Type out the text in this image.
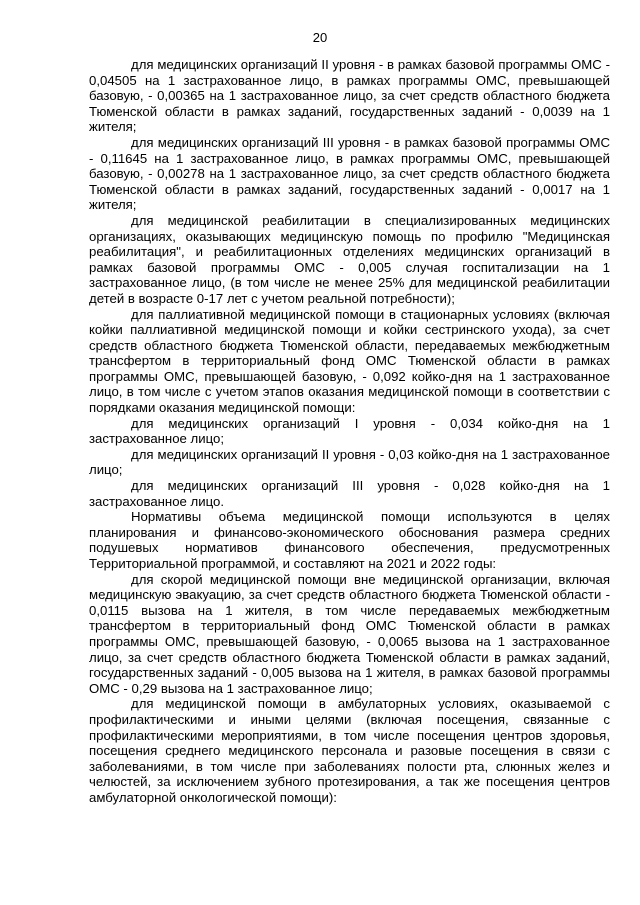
20

для медицинских организаций II уровня - в рамках базовой программы ОМС - 0,04505 на 1 застрахованное лицо, в рамках программы ОМС, превышающей базовую, - 0,00365 на 1 застрахованное лицо, за счет средств областного бюджета Тюменской области в рамках заданий, государственных заданий - 0,0039 на 1 жителя;

для медицинских организаций III уровня - в рамках базовой программы ОМС - 0,11645 на 1 застрахованное лицо, в рамках программы ОМС, превышающей базовую, - 0,00278 на 1 застрахованное лицо, за счет средств областного бюджета Тюменской области в рамках заданий, государственных заданий - 0,0017 на 1 жителя;

для медицинской реабилитации в специализированных медицинских организациях, оказывающих медицинскую помощь по профилю "Медицинская реабилитация", и реабилитационных отделениях медицинских организаций в рамках базовой программы ОМС - 0,005 случая госпитализации на 1 застрахованное лицо, (в том числе не менее 25% для медицинской реабилитации детей в возрасте 0-17 лет с учетом реальной потребности);

для паллиативной медицинской помощи в стационарных условиях (включая койки паллиативной медицинской помощи и койки сестринского ухода), за счет средств областного бюджета Тюменской области, передаваемых межбюджетным трансфертом в территориальный фонд ОМС Тюменской области в рамках программы ОМС, превышающей базовую, - 0,092 койко-дня на 1 застрахованное лицо, в том числе с учетом этапов оказания медицинской помощи в соответствии с порядками оказания медицинской помощи:

для медицинских организаций I уровня - 0,034 койко-дня на 1 застрахованное лицо;

для медицинских организаций II уровня - 0,03 койко-дня на 1 застрахованное лицо;

для медицинских организаций III уровня - 0,028 койко-дня на 1 застрахованное лицо.

Нормативы объема медицинской помощи используются в целях планирования и финансово-экономического обоснования размера средних подушевых нормативов финансового обеспечения, предусмотренных Территориальной программой, и составляют на 2021 и 2022 годы:

для скорой медицинской помощи вне медицинской организации, включая медицинскую эвакуацию, за счет средств областного бюджета Тюменской области - 0,0115 вызова на 1 жителя, в том числе передаваемых межбюджетным трансфертом в территориальный фонд ОМС Тюменской области в рамках программы ОМС, превышающей базовую, - 0,0065 вызова на 1 застрахованное лицо, за счет средств областного бюджета Тюменской области в рамках заданий, государственных заданий - 0,005 вызова на 1 жителя, в рамках базовой программы ОМС - 0,29 вызова на 1 застрахованное лицо;

для медицинской помощи в амбулаторных условиях, оказываемой с профилактическими и иными целями (включая посещения, связанные с профилактическими мероприятиями, в том числе посещения центров здоровья, посещения среднего медицинского персонала и разовые посещения в связи с заболеваниями, в том числе при заболеваниях полости рта, слюнных желез и челюстей, за исключением зубного протезирования, а так же посещения центров амбулаторной онкологической помощи):
